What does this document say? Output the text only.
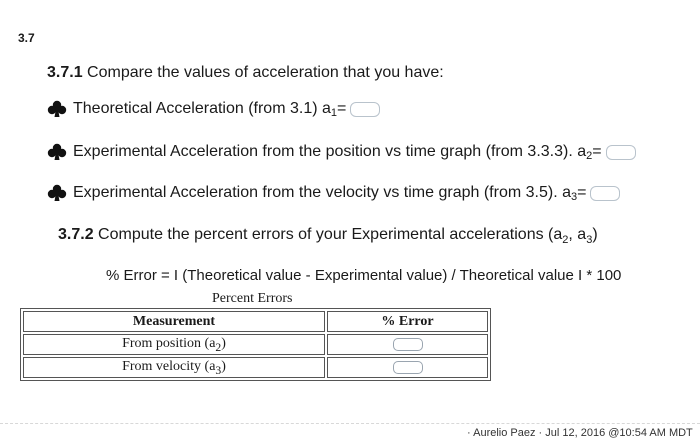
3.7
3.7.1 Compare the values of acceleration that you have:
Theoretical Acceleration (from 3.1) a 1 =
Experimental Acceleration from the position vs time graph (from 3.3.3). a 2 =
Experimental Acceleration from the velocity vs time graph (from 3.5). a 3 =
3.7.2 Compute the percent errors of your Experimental accelerations ($a_2$, $a_3$)
% Error = I (Theoretical value - Experimental value) / Theoretical value I * 100
Percent Errors
Measurement	% Error
From position $(a_2)$	
From velocity $(a_3)$	
· Aurelio Paez · Jul 12, 2016 @10:54 AM MDT
